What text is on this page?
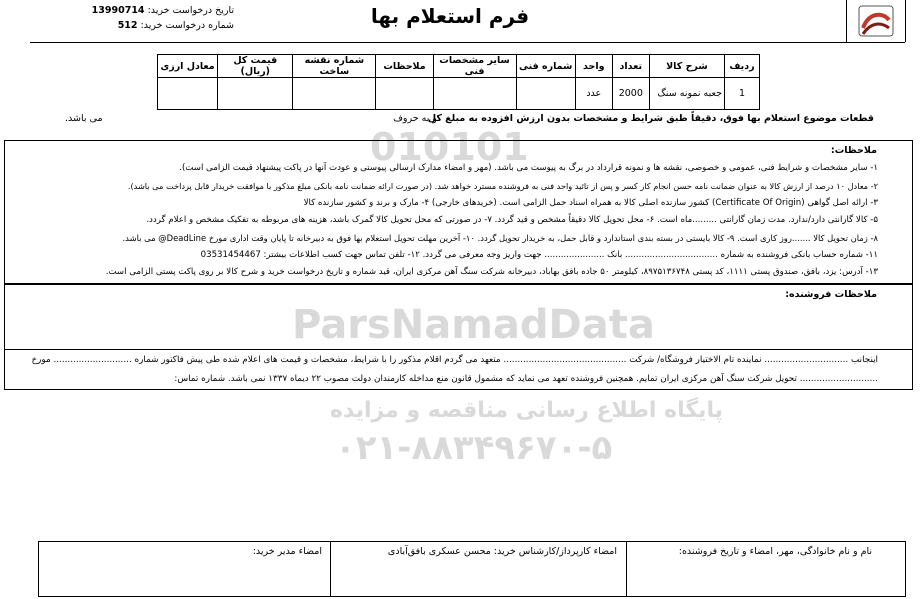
010101
ParsNamadData
پایگاه اطلاع رسانی مناقصه و مزایده
۰۲۱-۸۸۳۴۹۶۷۰-۵
فرم استعلام بها
تاریخ درخواست خرید: 13990714
شماره درخواست خرید: 512
ردیف	شرح کالا	تعداد	واحد	شماره فنی	سایر مشخصات فنی	ملاحظات	شماره نقشه ساخت	قیمت کل (ریال)	معادل ارزی
1	جعبه نمونه سنگ	2000	عدد						
قطعات موضوع استعلام بها فوق، دقیقاً طبق شرایط و مشخصات بدون ارزش افزوده به مبلغ کل
و به حروف
می باشد.
ملاحظات:
۱- سایر مشخصات و شرایط فنی، عمومی و خصوصی، نقشه ها و نمونه قرارداد در برگ به پیوست می باشد. (مهر و امضاء مدارک ارسالی پیوستی و عودت آنها در پاکت پیشنهاد قیمت الزامی است).
۲- معادل ۱۰ درصد از ارزش کالا به عنوان ضمانت نامه حسن انجام کار کسر و پس از تائید واحد فنی به فروشنده مسترد خواهد شد. (در صورت ارائه ضمانت نامه بانکی مبلغ مذکور با موافقت خریدار قابل پرداخت می باشد).
۳- ارائه اصل گواهی (Certificate Of Origin) کشور سازنده اصلی کالا به همراه اسناد حمل الزامی است. (خریدهای خارجی) ۴- مارک و برند و کشور سازنده کالا
۵- کالا گارانتی دارد/ندارد. مدت زمان گارانتی .........ماه است. ۶- محل تحویل کالا دقیقاً مشخص و قید گردد. ۷- در صورتی که محل تحویل کالا گمرک باشد، هزینه های مربوطه به تفکیک مشخص و اعلام گردد.
۸- زمان تحویل کالا .......روز کاری است. ۹- کالا بایستی در بسته بندی استاندارد و قابل حمل، به خریدار تحویل گردد. ۱۰- آخرین مهلت تحویل استعلام بها فوق به دبیرخانه تا پایان وقت اداری مورخ DeadLine@ می باشد.
۱۱- شماره حساب بانکی فروشنده به شماره .................................. بانک ...................... جهت واریز وجه معرفی می گردد. ۱۲- تلفن تماس جهت کسب اطلاعات بیشتر: 03531454467
۱۳- آدرس: یزد، بافق، صندوق پستی ۱۱۱۱، کد پستی ۸۹۷۵۱۳۶۷۴۸، کیلومتر ۵۰ جاده بافق بهاباد، دبیرخانه شرکت سنگ آهن مرکزی ایران، قید شماره و تاریخ درخواست خرید و شرح کالا بر روی پاکت پستی الزامی است.
ملاحظات فروشنده:
اینجانب .............................. نماینده تام الاختیار فروشگاه/ شرکت ............................................ متعهد می گردم اقلام مذکور را با شرایط، مشخصات و قیمت های اعلام شده طی پیش فاکتور شماره ............................ مورخ
............................ تحویل شرکت سنگ آهن مرکزی ایران تمایم. همچنین فروشنده تعهد می نماید که مشمول قانون منع مداخله کارمندان دولت مصوب ۲۲ دیماه ۱۳۳۷ نمی باشد. شماره تماس:
نام و نام خانوادگی، مهر، امضاء و تاریخ فروشنده:
امضاء کارپرداز/کارشناس خرید: محسن عسکری بافق‌آبادی
امضاء مدیر خرید:
